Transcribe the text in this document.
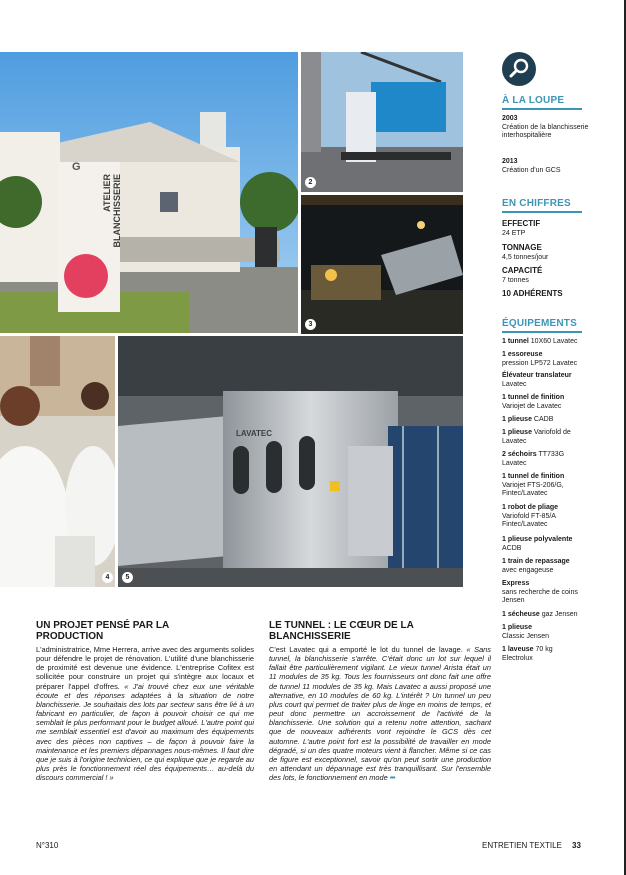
ATELIER BLANCHISSERIE
G
2
3
4
LAVATEC
5
À LA LOUPE
2003
Création de la blanchisserie interhospitalière
2013
Création d'un GCS
EN CHIFFRES
EFFECTIF
24 ETP
TONNAGE
4,5 tonnes/jour
CAPACITÉ
7 tonnes
10 ADHÉRENTS
ÉQUIPEMENTS
1 tunnel 10X60 Lavatec
1 essoreuse
pression LP572 Lavatec
Élévateur translateur
Lavatec
1 tunnel de finition
Variojet de Lavatec
1 plieuse CADB
1 plieuse Variofold de Lavatec
2 séchoirs TT733G Lavatec
1 tunnel de finition
Variojet FTS-206/G, Fintec/Lavatec
1 robot de pliage
Variofold FT-85/A Fintec/Lavatec
1 plieuse polyvalente
ACDB
1 train de repassage
avec engageuse
Express
sans recherche de coins Jensen
1 sécheuse gaz Jensen
1 plieuse
Classic Jensen
1 laveuse 70 kg Electrolux
UN PROJET PENSÉ PAR LA PRODUCTION
L'administratrice, Mme Herrera, arrive avec des arguments solides pour défendre le projet de rénovation. L'utilité d'une blanchisserie de proximité est devenue une évidence. L'entreprise Cofitex est sollicitée pour construire un projet qui s'intègre aux locaux et préparer l'appel d'offres. « J'ai trouvé chez eux une véritable écoute et des réponses adaptées à la situation de notre blanchisserie. Je souhaitais des lots par secteur sans être lié à un fabricant en particulier, de façon à pouvoir choisir ce qui me semblait le plus performant pour le budget alloué. L'autre point qui me semblait essentiel est d'avoir au maximum des équipements avec des pièces non captives – de façon à pouvoir faire la maintenance et les premiers dépannages nous-mêmes. Il faut dire que je suis à l'origine technicien, ce qui explique que je regarde au plus près le fonctionnement réel des équipements… au-delà du discours commercial ! »
LE TUNNEL : LE CŒUR DE LA BLANCHISSERIE
C'est Lavatec qui a emporté le lot du tunnel de lavage. « Sans tunnel, la blanchisserie s'arrête. C'était donc un lot sur lequel il fallait être particulièrement vigilant. Le vieux tunnel Arista était un 11 modules de 35 kg. Tous les fournisseurs ont donc fait une offre de tunnel 11 modules de 35 kg. Mais Lavatec a aussi proposé une alternative, en 10 modules de 60 kg. L'intérêt ? Un tunnel un peu plus court qui permet de traiter plus de linge en moins de temps, et peut donc permettre un accroissement de l'activité de la blanchisserie. Une solution qui a retenu notre attention, sachant que de nouveaux adhérents vont rejoindre le GCS dès cet automne. L'autre point fort est la possibilité de travailler en mode dégradé, si un des quatre moteurs vient à flancher. Même si ce cas de figure est exceptionnel, savoir qu'on peut sortir une production en attendant un dépannage est très tranquillisant. Sur l'ensemble des lots, le fonctionnement en mode •••
N°310	ENTRETIEN TEXTILE 33
